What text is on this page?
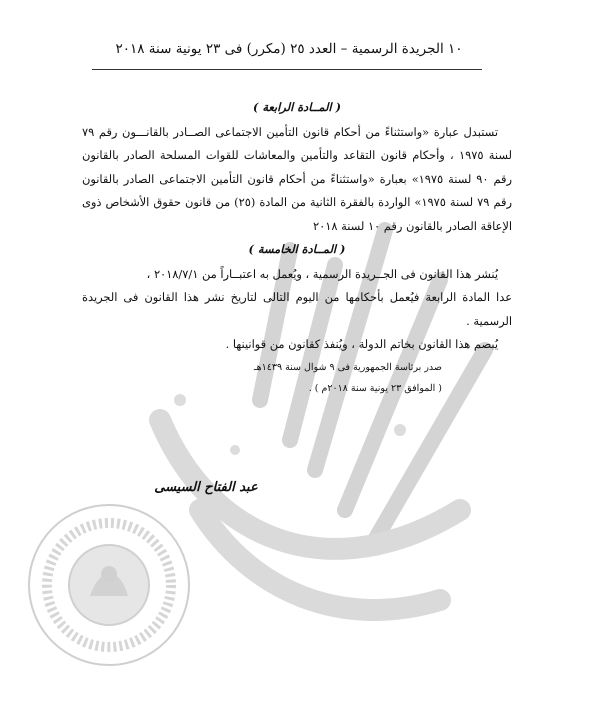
١٠ الجريدة الرسمية – العدد ٢٥ (مكرر) فى ٢٣ يونية سنة ٢٠١٨
( المــادة الرابعة )

تستبدل عبارة «واستثناءً من أحكام قانون التأمين الاجتماعى الصــادر بالقانـــون رقم ٧٩ لسنة ١٩٧٥ ، وأحكام قانون التقاعد والتأمين والمعاشات للقوات المسلحة الصادر بالقانون رقم ٩٠ لسنة ١٩٧٥» بعبارة «واستثناءً من أحكام قانون التأمين الاجتماعى الصادر بالقانون رقم ٧٩ لسنة ١٩٧٥» الواردة بالفقرة الثانية من المادة (٢٥) من قانون حقوق الأشخاص ذوى الإعاقة الصادر بالقانون رقم ١٠ لسنة ٢٠١٨

( المــادة الخامسة )

يُنشر هذا القانون فى الجــريدة الرسمية ، ويُعمل به اعتبــاراً من ٢٠١٨/٧/١ ،

عدا المادة الرابعة فيُعمل بأحكامها من اليوم التالى لتاريخ نشر هذا القانون فى الجريدة الرسمية .

يُبصم هذا القانون بخاتم الدولة ، ويُنفذ كقانون من قوانينها .

صدر برئاسة الجمهورية فى ٩ شوال سنة ١٤٣٩هـ

( الموافق ٢٣ يونية سنة ٢٠١٨م ) .

عبد الفتاح السيسى
